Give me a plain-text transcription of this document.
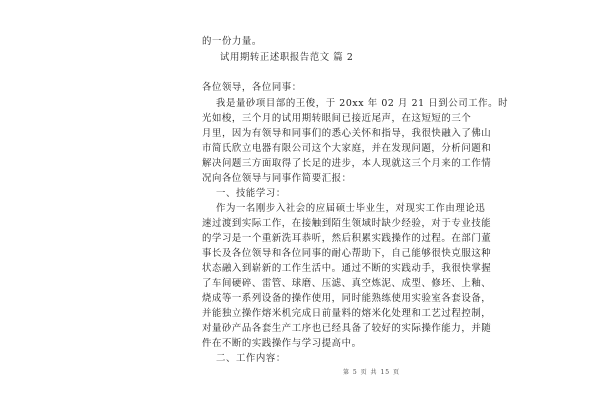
的一份力量。
试用期转正述职报告范文 篇 2
各位领导，各位同事：
我是量砂项目部的王俊，于 20xx 年 02 月 21 日到公司工作。时
光如梭，三个月的试用期转眼间已接近尾声，在这短短的三个
月里，因为有领导和同事们的悉心关怀和指导，我很快融入了佛山
市简氏欣立电器有限公司这个大家庭，并在发现问题，分析问题和
解决问题三方面取得了长足的进步，本人现就这三个月来的工作情
况向各位领导与同事作简要汇报：
一、技能学习：
作为一名刚步入社会的应届硕士毕业生，对现实工作由理论迅
速过渡到实际工作，在接触到陌生领域时缺少经验，对于专业技能
的学习是一个重新洗耳恭听，然后积累实践操作的过程。在部门董
事长及各位领导和各位同事的耐心帮助下，自己能够很快克服这种
状态融入到崭新的工作生活中。通过不断的实践动手，我很快掌握
了车间硬碎、雷管、球磨、压滤、真空炼泥、成型、修坯、上釉、
烧成等一系列设备的操作使用，同时能熟练使用实验室各套设备，
并能独立操作熔米机完成日前量料的熔米化处理和工艺过程控制，
对量砂产品各套生产工序也已经具备了较好的实际操作能力，并随
件在不断的实践操作与学习提高中。
二、工作内容：
第 5 页 共 15 页
